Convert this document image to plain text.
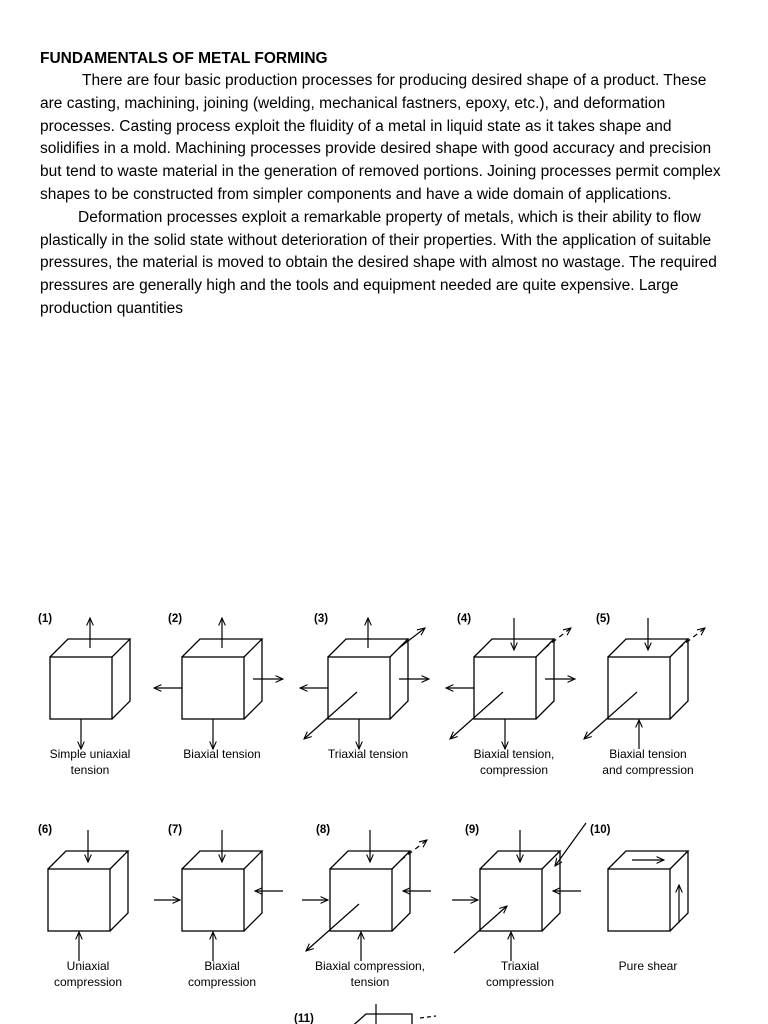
FUNDAMENTALS OF METAL FORMING

There are four basic production processes for producing desired shape of a product. These are casting, machining, joining (welding, mechanical fastners, epoxy, etc.), and deformation processes. Casting process exploit the fluidity of a metal in liquid state as it takes shape and solidifies in a mold. Machining processes provide desired shape with good accuracy and precision but tend to waste material in the generation of removed portions. Joining processes permit complex shapes to be constructed from simpler components and have a wide domain of applications.

Deformation processes exploit a remarkable property of metals, which is their ability to flow plastically in the solid state without deterioration of their properties. With the application of suitable pressures, the material is moved to obtain the desired shape with almost no wastage. The required pressures are generally high and the tools and equipment needed are quite expensive. Large production quantities

(1)
Simple uniaxial
tension
(2)
Biaxial tension
(3)
Triaxial tension
(4)
Biaxial tension,
compression
(5)
Biaxial tension
and compression
(6)
Uniaxial
compression
(7)
Biaxial
compression
(8)
Biaxial compression,
tension
(9)
Triaxial
compression
(10)
Pure shear
(11)
